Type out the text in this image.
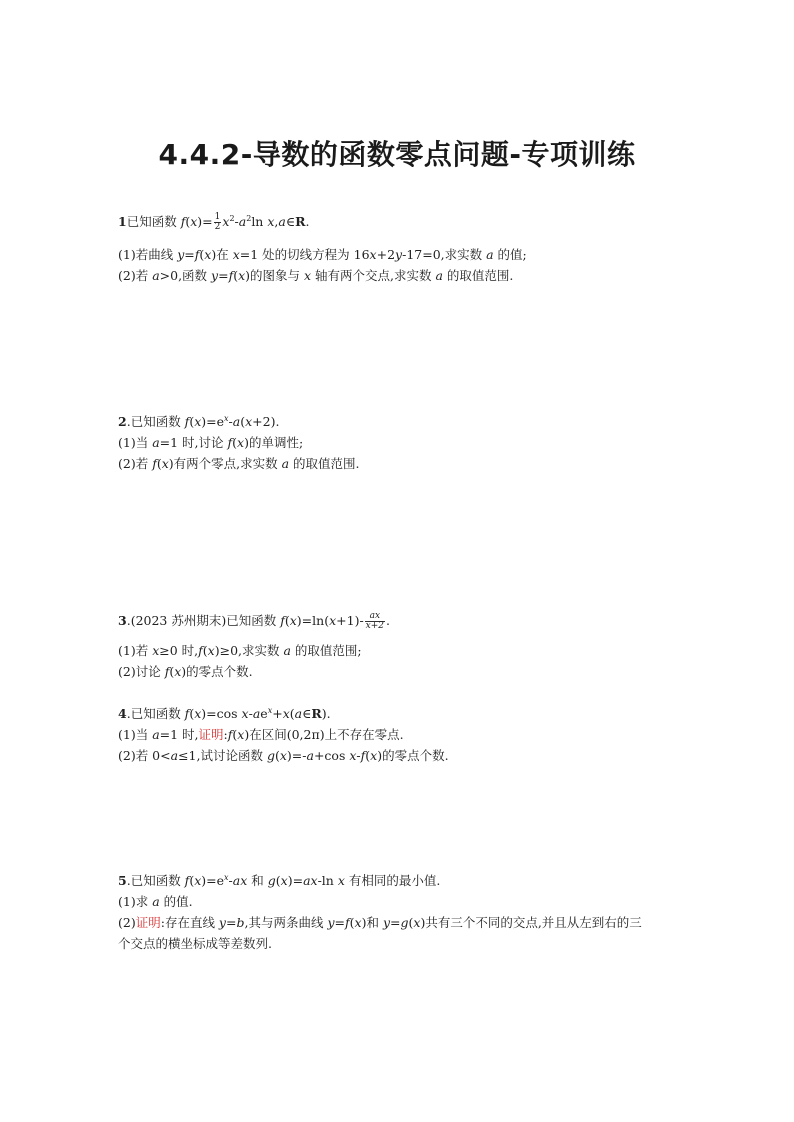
4.4.2-导数的函数零点问题-专项训练
1已知函数 $f(x)= \frac{1}{2} x^2-a^2\ln$ x,a∈R.
(1)若曲线 y=f(x)在 x=1 处的切线方程为 16x+2y-17=0,求实数 a 的值;
(2)若 a>0,函数 y=f(x)的图象与 x 轴有两个交点,求实数 a 的取值范围.
2.已知函数 $f(x)=e^x-a(x+2)$.
(1)当 a=1 时,讨论 f(x)的单调性;
(2)若 f(x)有两个零点,求实数 a 的取值范围.
3.(2023 苏州期末)已知函数 $f(x)=\ln(x+1)- \frac{ax}{x+2}$ .
(1)若 x≥0 时,f(x)≥0,求实数 a 的取值范围;
(2)讨论 f(x)的零点个数.
4.已知函数 f(x)=cos $x-ae^x+x(a\in R)$.
(1)当 a=1 时,证明:f(x)在区间(0,2π)上不存在零点.
(2)若 0<a≤1,试讨论函数 g(x)=-a+cos x-f(x)的零点个数.
5.已知函数 $f(x)=e^x-ax$ 和 g(x)=ax-ln x 有相同的最小值.
(1)求 a 的值.
(2)证明:存在直线 y=b,其与两条曲线 y=f(x)和 y=g(x)共有三个不同的交点,并且从左到右的三
个交点的横坐标成等差数列.
